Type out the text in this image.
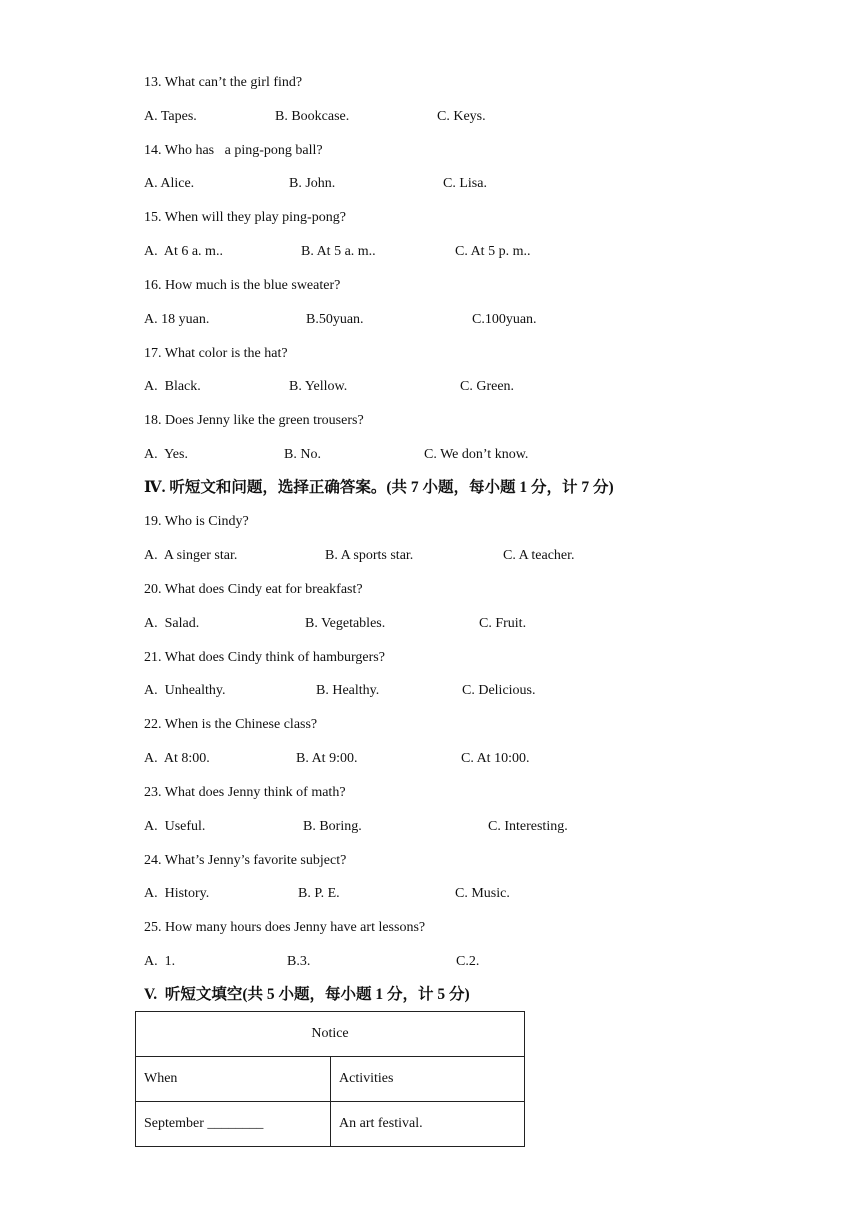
13. What can’t the girl find?
A. Tapes.	B. Bookcase.	C. Keys.
14. Who has   a ping-pong ball?
A. Alice.	B. John.	C. Lisa.
15. When will they play ping-pong?
A.  At 6 a. m..	B. At 5 a. m..	C. At 5 p. m..
16. How much is the blue sweater?
A. 18 yuan.	B.50yuan.	C.100yuan.
17. What color is the hat?
A.  Black.	B. Yellow.	C. Green.
18. Does Jenny like the green trousers?
A.  Yes.	B. No.	C. We don’t know.
Ⅳ. 听短文和问题，选择正确答案。(共 7 小题，每小题 1 分，计 7 分)
19. Who is Cindy?
A.  A singer star.	B. A sports star.	C. A teacher.
20. What does Cindy eat for breakfast?
A.  Salad.	B. Vegetables.	C. Fruit.
21. What does Cindy think of hamburgers?
A.  Unhealthy.	B. Healthy.	C. Delicious.
22. When is the Chinese class?
A.  At 8:00.	B. At 9:00.	C. At 10:00.
23. What does Jenny think of math?
A.  Useful.	B. Boring.	C. Interesting.
24. What’s Jenny’s favorite subject?
A.  History.	B. P. E.	C. Music.
25. How many hours does Jenny have art lessons?
A.  1.	B.3.	C.2.
V.  听短文填空(共 5 小题，每小题 1 分，计 5 分)
Notice	
When	Activities
September ________	An art festival.
